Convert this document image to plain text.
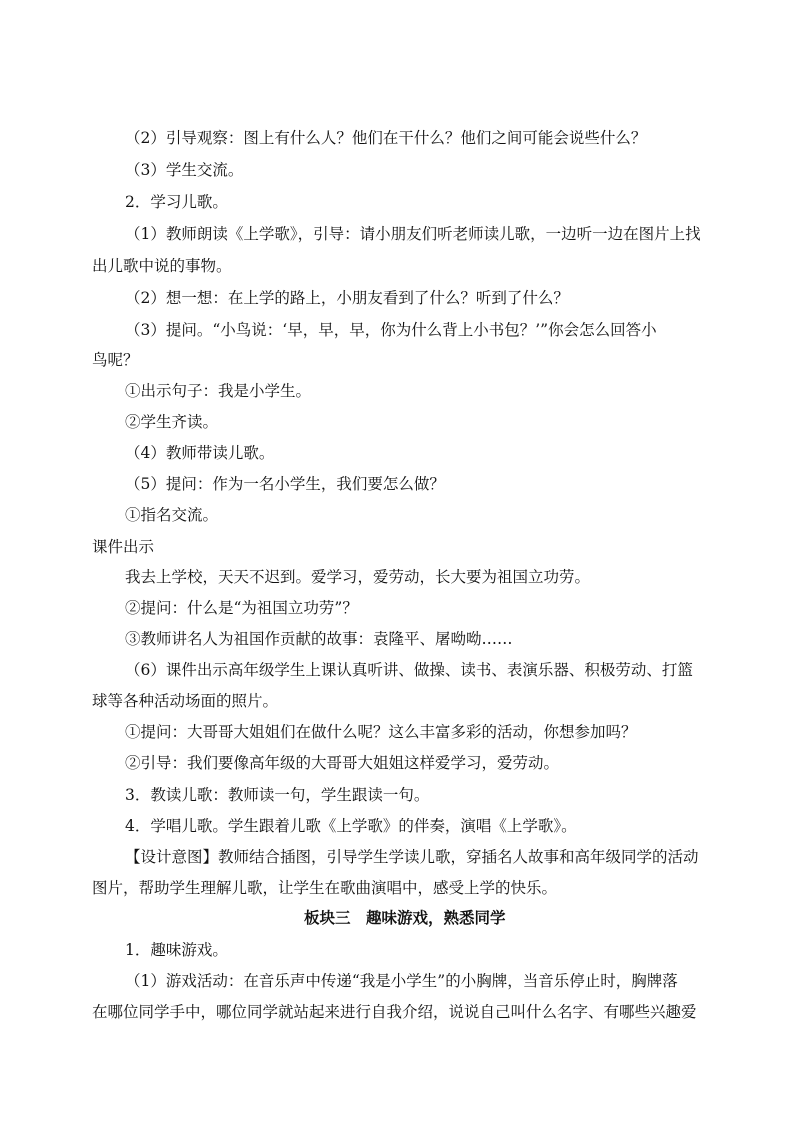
（2）引导观察：图上有什么人？他们在干什么？他们之间可能会说些什么？
（3）学生交流。
2．学习儿歌。
（1）教师朗读《上学歌》，引导：请小朋友们听老师读儿歌，一边听一边在图片上找
出儿歌中说的事物。
（2）想一想：在上学的路上，小朋友看到了什么？听到了什么？
（3）提问。“小鸟说：‘早，早，早，你为什么背上小书包？’”你会怎么回答小
鸟呢？
①出示句子：我是小学生。
②学生齐读。
（4）教师带读儿歌。
（5）提问：作为一名小学生，我们要怎么做？
①指名交流。
课件出示
我去上学校，天天不迟到。爱学习，爱劳动，长大要为祖国立功劳。
②提问：什么是“为祖国立功劳”？
③教师讲名人为祖国作贡献的故事：袁隆平、屠呦呦……
（6）课件出示高年级学生上课认真听讲、做操、读书、表演乐器、积极劳动、打篮
球等各种活动场面的照片。
①提问：大哥哥大姐姐们在做什么呢？这么丰富多彩的活动，你想参加吗？
②引导：我们要像高年级的大哥哥大姐姐这样爱学习，爱劳动。
3．教读儿歌：教师读一句，学生跟读一句。
4．学唱儿歌。学生跟着儿歌《上学歌》的伴奏，演唱《上学歌》。
【设计意图】教师结合插图，引导学生学读儿歌，穿插名人故事和高年级同学的活动
图片，帮助学生理解儿歌，让学生在歌曲演唱中，感受上学的快乐。
板块三　趣味游戏，熟悉同学
1．趣味游戏。
（1）游戏活动：在音乐声中传递“我是小学生”的小胸牌，当音乐停止时，胸牌落
在哪位同学手中，哪位同学就站起来进行自我介绍，说说自己叫什么名字、有哪些兴趣爱
